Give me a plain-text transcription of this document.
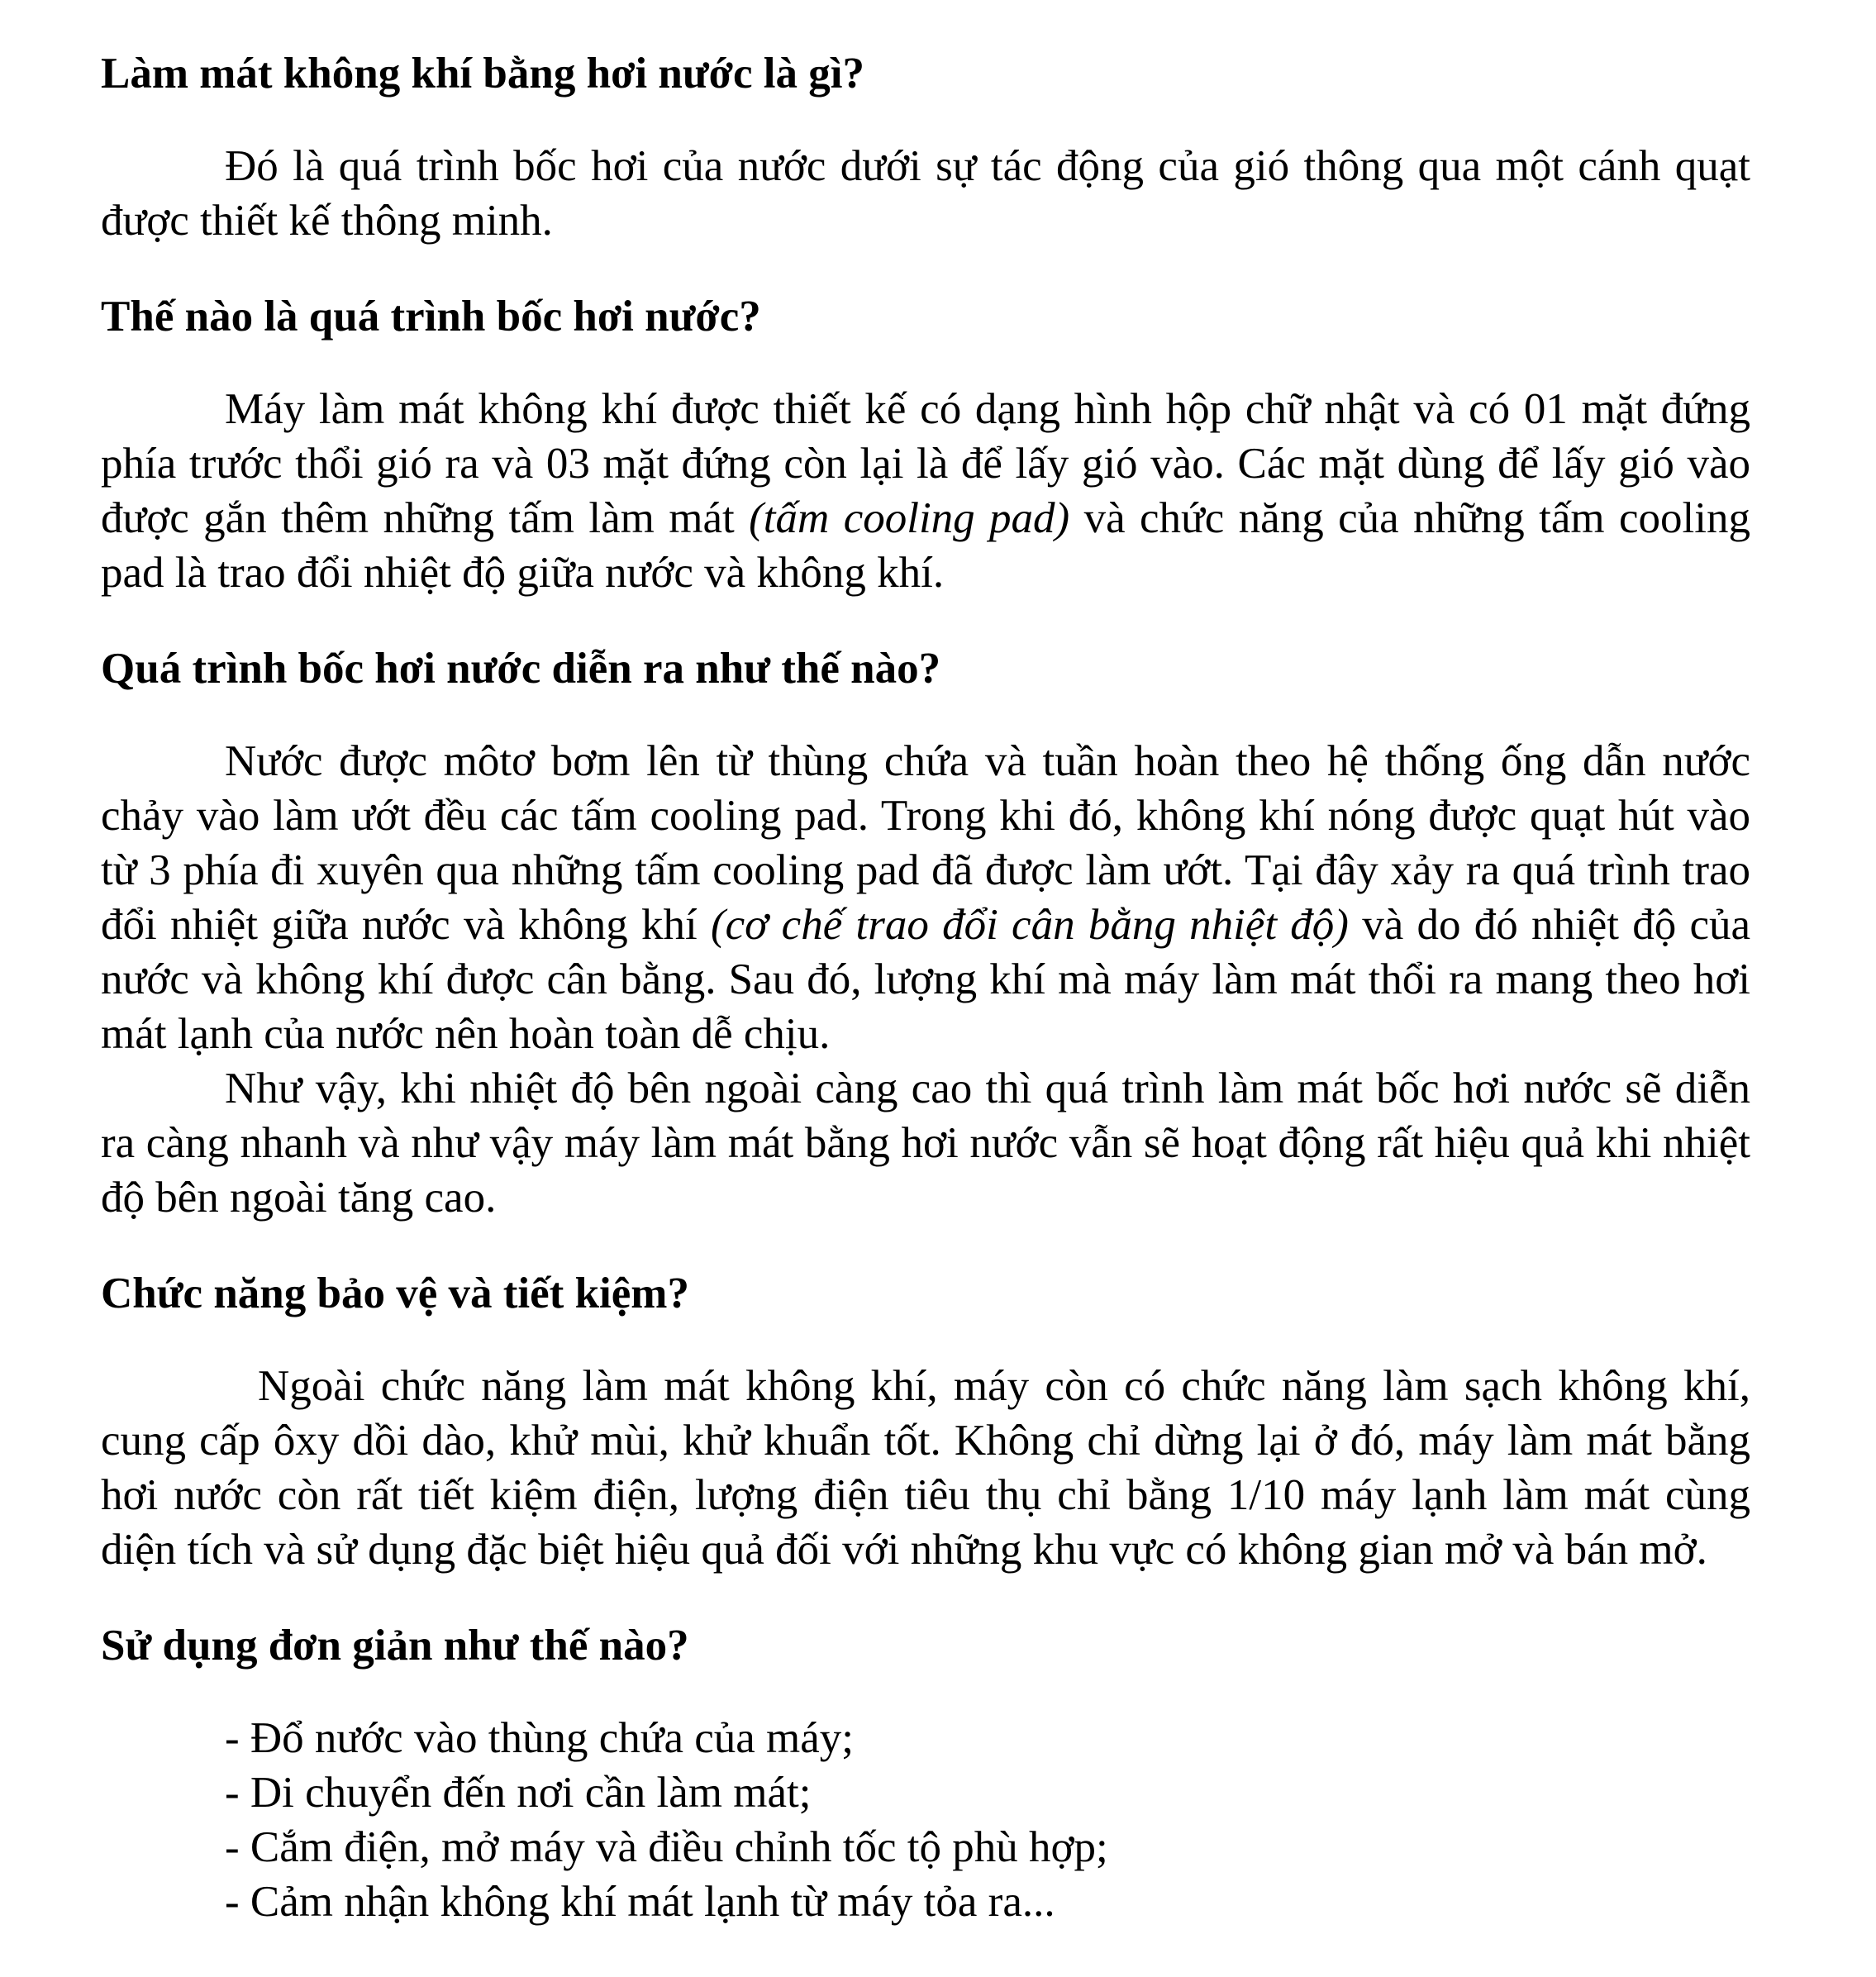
Làm mát không khí bằng hơi nước là gì?

Đó là quá trình bốc hơi của nước dưới sự tác động của gió thông qua một cánh quạt được thiết kế thông minh.

Thế nào là quá trình bốc hơi nước?

Máy làm mát không khí được thiết kế có dạng hình hộp chữ nhật và có 01 mặt đứng phía trước thổi gió ra và 03 mặt đứng còn lại là để lấy gió vào. Các mặt dùng để lấy gió vào được gắn thêm những tấm làm mát (tấm cooling pad) và chức năng của những tấm cooling pad là trao đổi nhiệt độ giữa nước và không khí.

Quá trình bốc hơi nước diễn ra như thế nào?

Nước được môtơ bơm lên từ thùng chứa và tuần hoàn theo hệ thống ống dẫn nước chảy vào làm ướt đều các tấm cooling pad. Trong khi đó, không khí nóng được quạt hút vào từ 3 phía đi xuyên qua những tấm cooling pad đã được làm ướt. Tại đây xảy ra quá trình trao đổi nhiệt giữa nước và không khí (cơ chế trao đổi cân bằng nhiệt độ) và do đó nhiệt độ của nước và không khí được cân bằng. Sau đó, lượng khí mà máy làm mát thổi ra mang theo hơi mát lạnh của nước nên hoàn toàn dễ chịu.

Như vậy, khi nhiệt độ bên ngoài càng cao thì quá trình làm mát bốc hơi nước sẽ diễn ra càng nhanh và như vậy máy làm mát bằng hơi nước vẫn sẽ hoạt động rất hiệu quả khi nhiệt độ bên ngoài tăng cao.

Chức năng bảo vệ và tiết kiệm?

Ngoài chức năng làm mát không khí, máy còn có chức năng làm sạch không khí, cung cấp ôxy dồi dào, khử mùi, khử khuẩn tốt. Không chỉ dừng lại ở đó, máy làm mát bằng hơi nước còn rất tiết kiệm điện, lượng điện tiêu thụ chỉ bằng 1/10 máy lạnh làm mát cùng diện tích và sử dụng đặc biệt hiệu quả đối với những khu vực có không gian mở và bán mở.

Sử dụng đơn giản như thế nào?
- Đổ nước vào thùng chứa của máy;
- Di chuyển đến nơi cần làm mát;
- Cắm điện, mở máy và điều chỉnh tốc tộ phù hợp;
- Cảm nhận không khí mát lạnh từ máy tỏa ra...
